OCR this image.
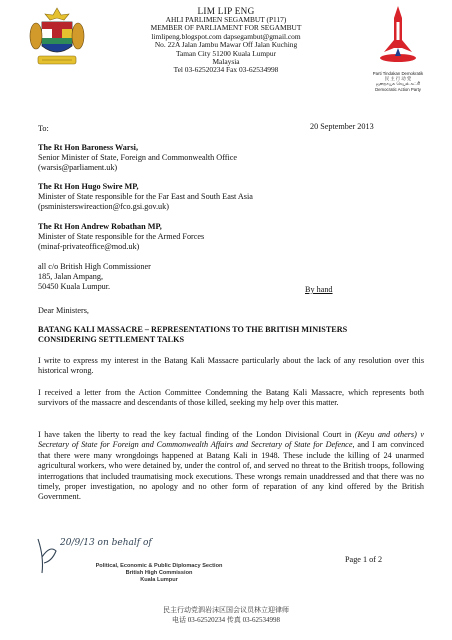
LIM LIP ENG
AHLI PARLIMEN SEGAMBUT (P117)
MEMBER OF PARLIAMENT FOR SEGAMBUT
limlipeng.blogspot.com dapsegambut@gmail.com
No. 22A Jalan Jambu Mawar Off Jalan Kuching
Taman City 51200 Kuala Lumpur
Malaysia
Tel 03-62520234 Fax 03-62534998	Parti Tindakan Demokratik
民 主 行 动 党
ஜனநாயக செயல் கட்சி
Democratic Action Party
To:	20 September 2013
The Rt Hon Baroness Warsi,
Senior Minister of State, Foreign and Commonwealth Office
(warsis@parliament.uk)
The Rt Hon Hugo Swire MP,
Minister of State responsible for the Far East and South East Asia
(psministerswireaction@fco.gsi.gov.uk)
The Rt Hon Andrew Robathan MP,
Minister of State responsible for the Armed Forces
(minaf-privateoffice@mod.uk)
all c/o British High Commissioner
185, Jalan Ampang,
50450 Kuala Lumpur.	By hand
Dear Ministers,
BATANG KALI MASSACRE – REPRESENTATIONS TO THE BRITISH MINISTERS
CONSIDERING SETTLEMENT TALKS
I write to express my interest in the Batang Kali Massacre particularly about the lack of any resolution over this historical wrong.
I received a letter from the Action Committee Condemning the Batang Kali Massacre, which represents both survivors of the massacre and descendants of those killed, seeking my help over this matter.
I have taken the liberty to read the key factual finding of the London Divisional Court in (Keyu and others) v Secretary of State for Foreign and Commonwealth Affairs and Secretary of State for Defence, and I am convinced that there were many wrongdoings happened at Batang Kali in 1948. These include the killing of 24 unarmed agricultural workers, who were detained by, under the control of, and served no threat to the British troops, following interrogations that included traumatising mock executions. These wrongs remain unaddressed and that there was no timely, proper investigation, no apology and no other form of reparation of any kind offered by the British Government.
20/9/13 on behalf of
Political, Economic & Public Diplomacy Section
British High Commission
Kuala Lumpur
Page 1 of 2
民主行动党泗岩沫区国会议员林立迎律师
电话 03-62520234 传真 03-62534998
